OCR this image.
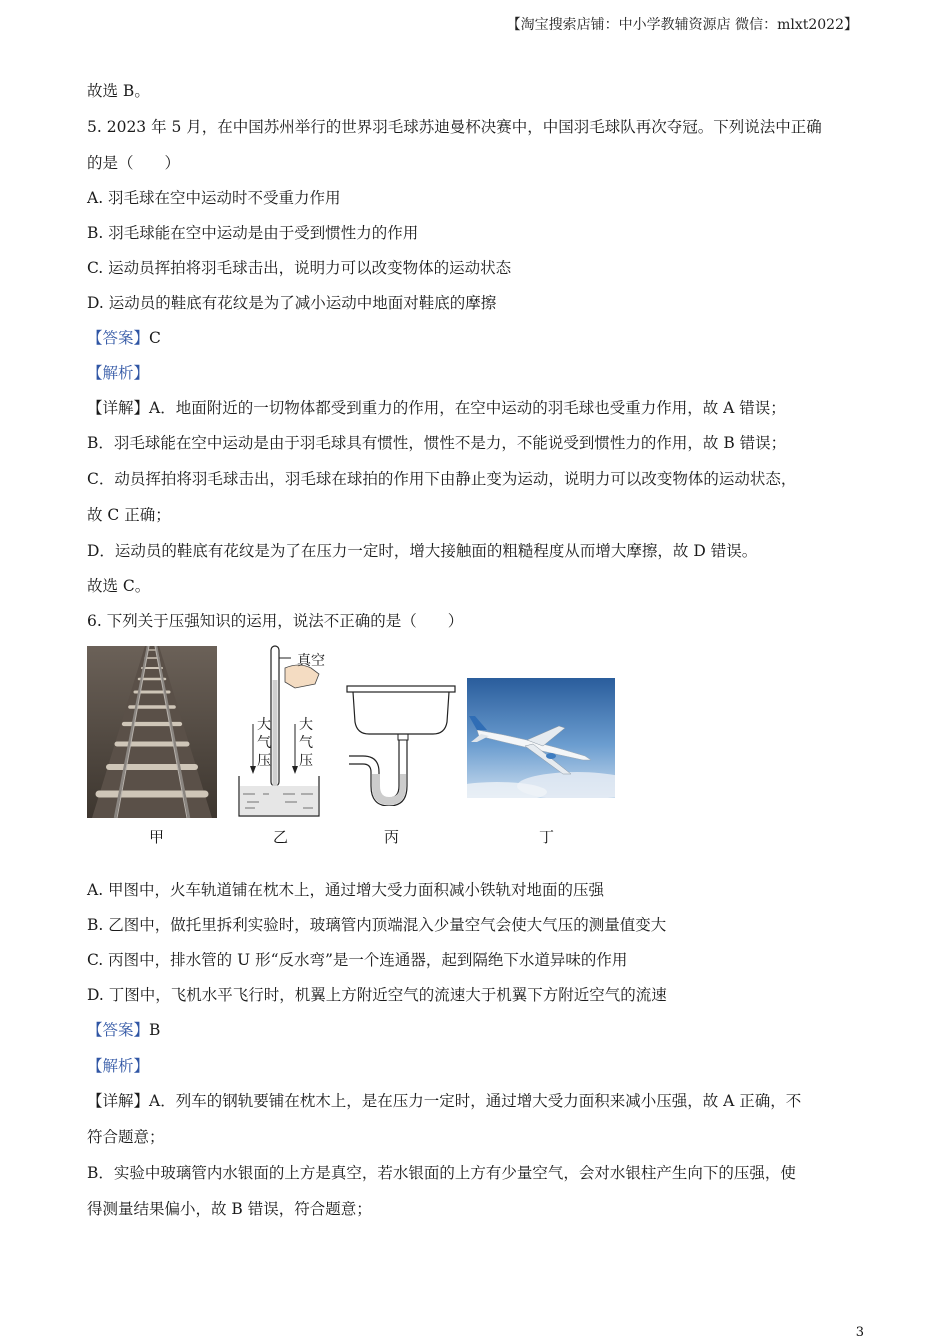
【淘宝搜索店铺：中小学教辅资源店 微信：mlxt2022】
故选 B。
5. 2023 年 5 月，在中国苏州举行的世界羽毛球苏迪曼杯决赛中，中国羽毛球队再次夺冠。下列说法中正确
的是（　　）
A. 羽毛球在空中运动时不受重力作用
B. 羽毛球能在空中运动是由于受到惯性力的作用
C. 运动员挥拍将羽毛球击出，说明力可以改变物体的运动状态
D. 运动员的鞋底有花纹是为了减小运动中地面对鞋底的摩擦
【答案】C
【解析】
【详解】A．地面附近的一切物体都受到重力的作用，在空中运动的羽毛球也受重力作用，故 A 错误；
B．羽毛球能在空中运动是由于羽毛球具有惯性，惯性不是力，不能说受到惯性力的作用，故 B 错误；
C．动员挥拍将羽毛球击出，羽毛球在球拍的作用下由静止变为运动，说明力可以改变物体的运动状态，
故 C 正确；
D．运动员的鞋底有花纹是为了在压力一定时，增大接触面的粗糙程度从而增大摩擦，故 D 错误。
故选 C。
6. 下列关于压强知识的运用，说法不正确的是（　　）
真空
大
气
压
大
气
压
甲	乙	丙	丁
A. 甲图中，火车轨道铺在枕木上，通过增大受力面积减小铁轨对地面的压强
B. 乙图中，做托里拆利实验时，玻璃管内顶端混入少量空气会使大气压的测量值变大
C. 丙图中，排水管的 U 形“反水弯”是一个连通器，起到隔绝下水道异味的作用
D. 丁图中，飞机水平飞行时，机翼上方附近空气的流速大于机翼下方附近空气的流速
【答案】B
【解析】
【详解】A．列车的钢轨要铺在枕木上，是在压力一定时，通过增大受力面积来减小压强，故 A 正确，不
符合题意；
B．实验中玻璃管内水银面的上方是真空，若水银面的上方有少量空气，会对水银柱产生向下的压强，使
得测量结果偏小，故 B 错误，符合题意；
3
